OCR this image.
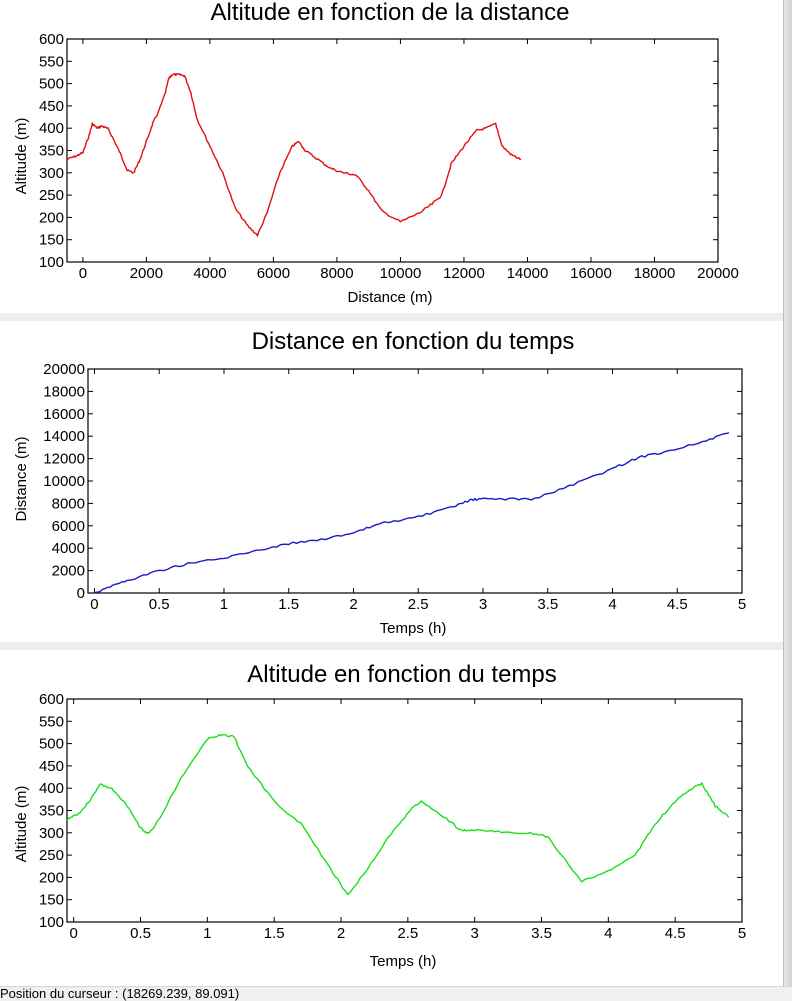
Altitude en fonction de la distance
Distance (m)
Altitude (m)
0	2000 4000 6000 8000 10000 12000 14000 16000 18000 20000
100
150
200
250
300
350
400
450
500
550
600
Distance en fonction du temps
Temps (h)
Distance (m)
0	0.5	1	1.5	2	2.5	3	3.5	4	4.5	5
0
2000
4000
6000
8000
10000
12000
14000
16000
18000
20000
Altitude en fonction du temps
Temps (h)
Altitude (m)
0	0.5	1	1.5	2	2.5	3	3.5	4	4.5	5
100
150
200
250
300
350
400
450
500
550
600
Position du curseur : (18269.239, 89.091)
